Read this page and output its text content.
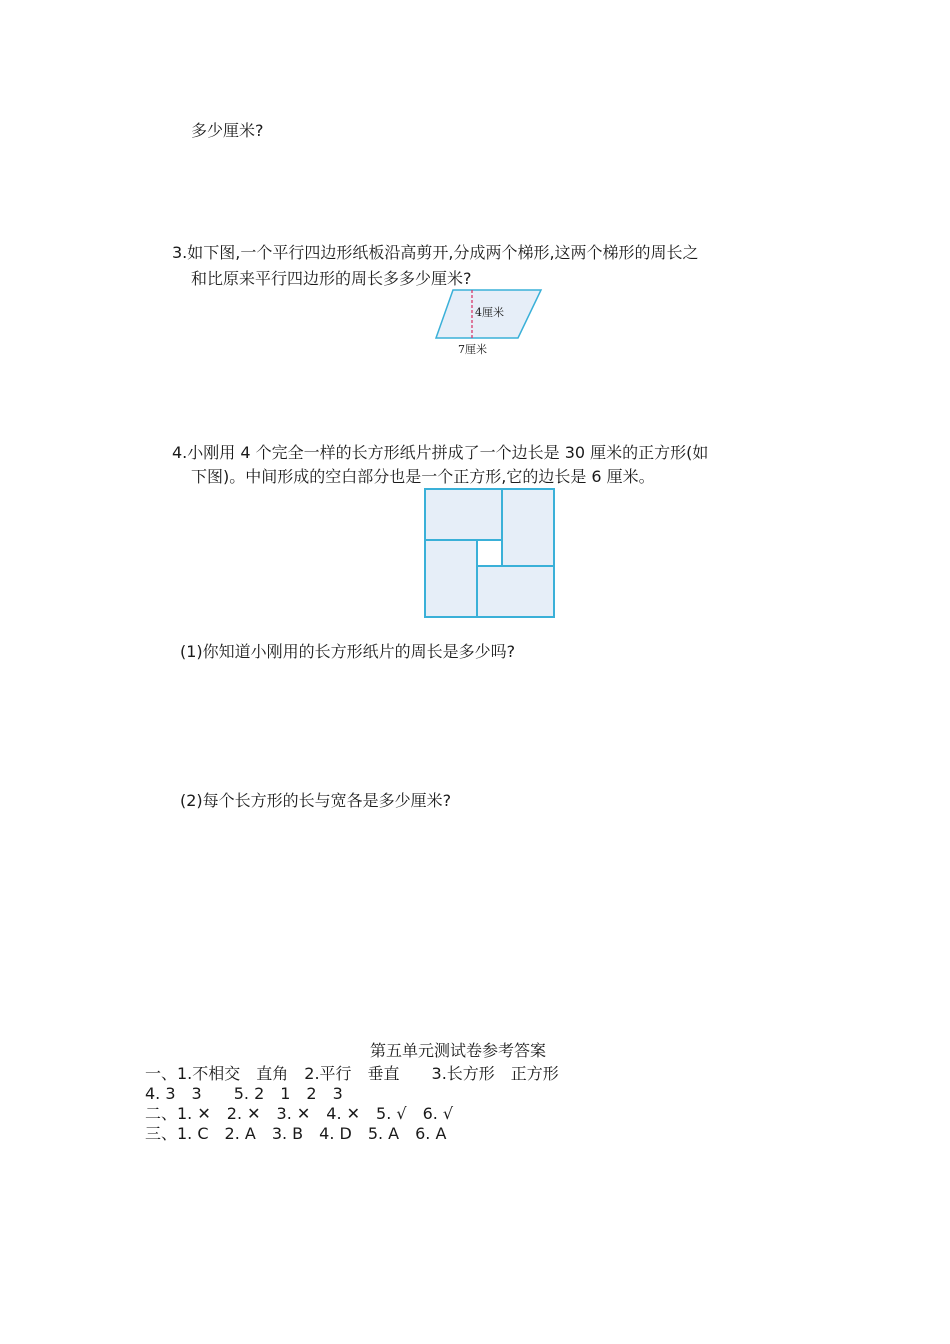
多少厘米?
3.如下图,一个平行四边形纸板沿高剪开,分成两个梯形,这两个梯形的周长之
和比原来平行四边形的周长多多少厘米?
4厘米
7厘米
4.小刚用 4 个完全一样的长方形纸片拼成了一个边长是 30 厘米的正方形(如
下图)。中间形成的空白部分也是一个正方形,它的边长是 6 厘米。
(1)你知道小刚用的长方形纸片的周长是多少吗?
(2)每个长方形的长与宽各是多少厘米?
第五单元测试卷参考答案
一、1.不相交　直角　2.平行　垂直　　3.长方形　正方形
4. 3　3　　5. 2　1　2　3
二、1. ✕　2. ✕　3. ✕　4. ✕　5. √　6. √
三、1. C　2. A　3. B　4. D　5. A　6. A
